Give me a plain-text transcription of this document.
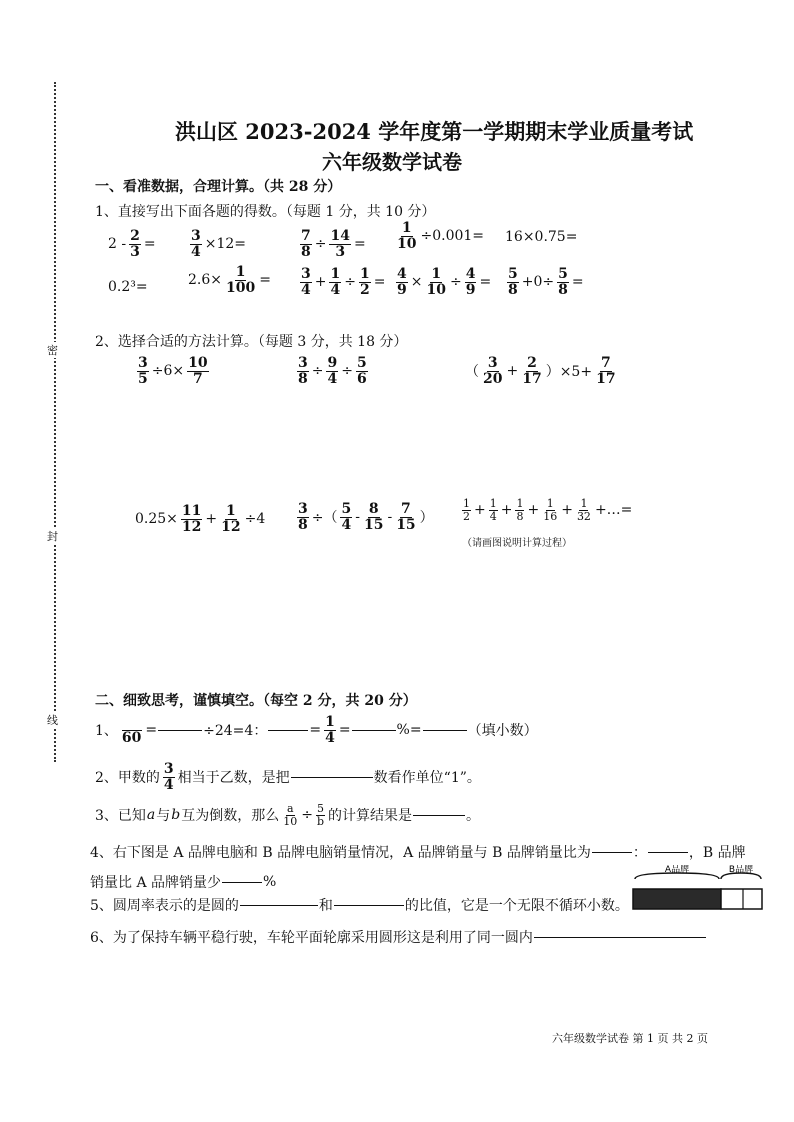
密
封
线
洪山区 2023-2024 学年度第一学期期末学业质量考试
六年级数学试卷
一、看准数据，合理计算。（共 28 分）
1、直接写出下面各题的得数。（每题 1 分，共 10 分）
$2 - \frac{2}{3} = \frac{3}{4} \times 12=$	$\frac{7}{8} \div \frac{14}{3} = \frac{1}{10} \div 0.001= 16\times 0.75=$
0.2³=	$2.6\times \frac{1}{100} = \frac{3}{4} + \frac{1}{4} \div \frac{1}{2} = \frac{4}{9} \times \frac{1}{10} \div \frac{4}{9} = \frac{5}{8} +0\div \frac{5}{8}$ =
2、选择合适的方法计算。（每题 3 分，共 18 分）
$\frac{3}{5} \div 6\times \frac{10}{7}$	$\frac{3}{8} \div \frac{9}{4} \div \frac{5}{6}$	（ $\frac{3}{20} + \frac{2}{17} )\times 5+ \frac{7}{17}$
$0.25\times \frac{11}{12} + \frac{1}{12} \div 4 \frac{3}{8}$ ÷（ $\frac{5}{4} - \frac{8}{15} - \frac{7}{15}$ ）	$\frac{1}{2} + \frac{1}{4} + \frac{1}{8} + \frac{1}{16} + \frac{1}{32}$ +…=
（请画图说明计算过程）
二、细致思考，谨慎填空。（每空 2 分，共 20 分）
1、
60 =	÷24=4：	= $\frac{1}{4}$ =	%=	（填小数）
2、甲数的 $\frac{3}{4}$ 相当于乙数，是把	数看作单位“1”。
3、已知 a 与 b 互为倒数，那么 $\frac{a}{10} \div \frac{5}{b}$ 的计算结果是	。
4、右下图是 A 品牌电脑和 B 品牌电脑销量情况，A 品牌销量与 B 品牌销量比为	：	，B 品牌
销量比 A 品牌销量少	%
5、圆周率表示的是圆的	和	的比值，它是一个无限不循环小数。
6、为了保持车辆平稳行驶，车轮平面轮廓采用圆形这是利用了同一圆内
A品牌	B品牌
六年级数学试卷 第 1 页 共 2 页
